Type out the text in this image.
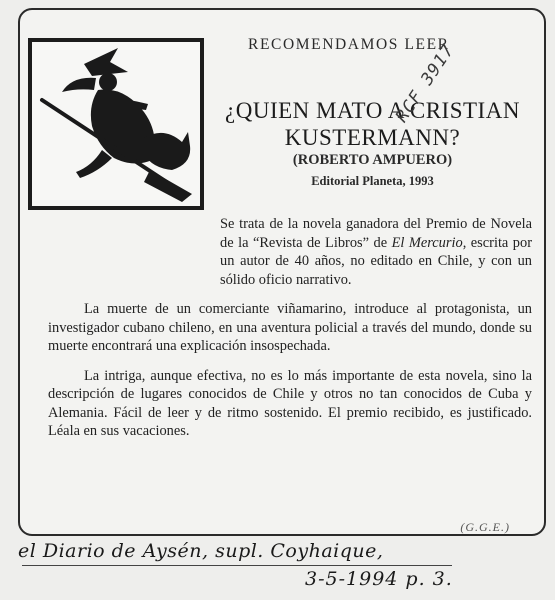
RECOMENDAMOS LEER
¿QUIEN MATO A CRISTIAN
KUSTERMANN?
(ROBERTO AMPUERO)
Editorial Planeta, 1993

Se trata de la novela ganadora del Premio de Novela de la “Revista de Libros” de El Mercurio, escrita por un autor de 40 años, no editado en Chile, y con un sólido oficio narrativo.

La muerte de un comerciante viñamarino, introduce al protagonista, un investigador cubano chileno, en una aventura policial a través del mundo, donde su muerte encontrará una explicación insospechada.

La intriga, aunque efectiva, no es lo más importante de esta novela, sino la descripción de lugares conocidos de Chile y otros no tan conocidos de Cuba y Alemania. Fácil de leer y de ritmo sostenido. El premio recibido, es justificado. Léala en sus vacaciones.

(G.G.E.)
RCF 3917
el Diario de Aysén, supl. Coyhaique,
3-5-1994 p. 3.
